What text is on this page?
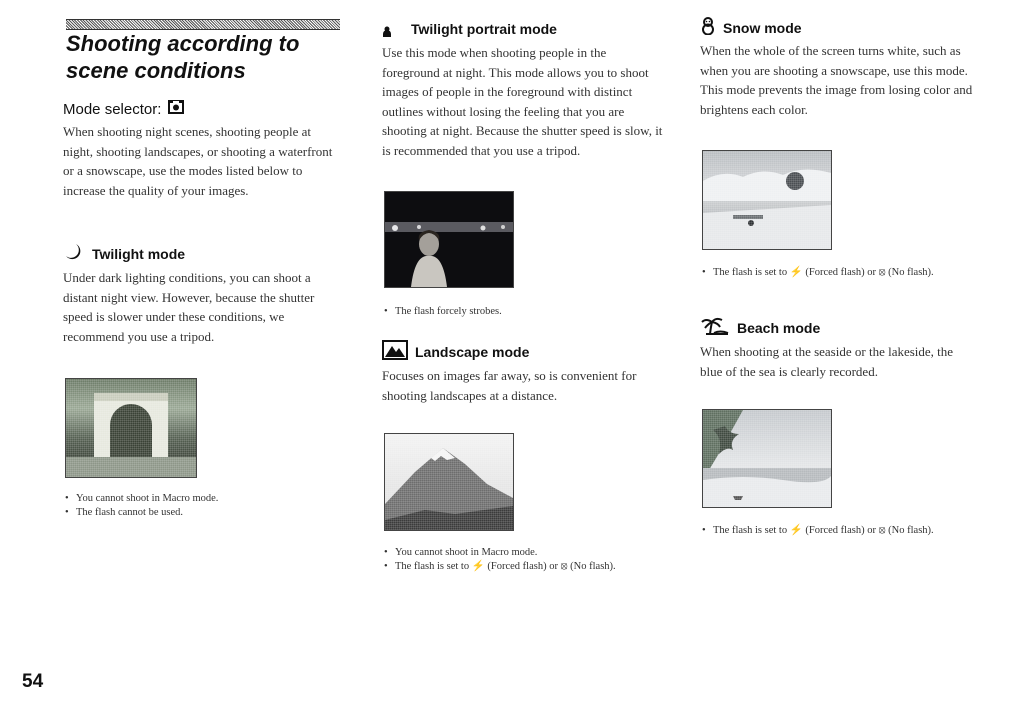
Shooting according to scene conditions
Mode selector:

When shooting night scenes, shooting people at night, shooting landscapes, or shooting a waterfront or a snowscape, use the modes listed below to increase the quality of your images.

Twilight mode

Under dark lighting conditions, you can shoot a distant night view. However, because the shutter speed is slower under these conditions, we recommend you use a tripod.

• You cannot shoot in Macro mode.
• The flash cannot be used.
Twilight portrait mode

Use this mode when shooting people in the foreground at night. This mode allows you to shoot images of people in the foreground with distinct outlines without losing the feeling that you are shooting at night. Because the shutter speed is slow, it is recommended that you use a tripod.

• The flash forcely strobes.
Landscape mode

Focuses on images far away, so is convenient for shooting landscapes at a distance.

• You cannot shoot in Macro mode.
• The flash is set to ⚡ (Forced flash) or ⦻ (No flash).
Snow mode

When the whole of the screen turns white, such as when you are shooting a snowscape, use this mode. This mode prevents the image from losing color and brightens each color.

• The flash is set to ⚡ (Forced flash) or ⦻ (No flash).
Beach mode

When shooting at the seaside or the lakeside, the blue of the sea is clearly recorded.

• The flash is set to ⚡ (Forced flash) or ⦻ (No flash).
54
